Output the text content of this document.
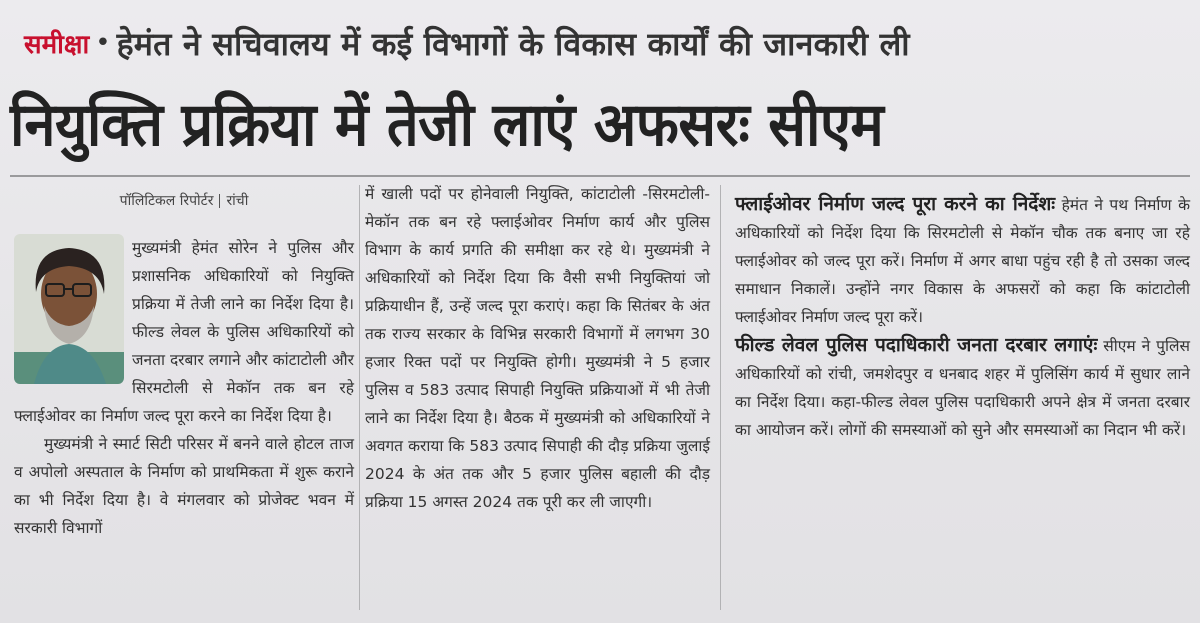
समीक्षा • हेमंत ने सचिवालय में कई विभागों के विकास कार्यों की जानकारी ली
नियुक्ति प्रक्रिया में तेजी लाएं अफसरः सीएम
पॉलिटिकल रिपोर्टर रांची

मुख्यमंत्री हेमंत सोरेन ने पुलिस और प्रशासनिक अधिकारियों को नियुक्ति प्रक्रिया में तेजी लाने का निर्देश दिया है। फील्ड लेवल के पुलिस अधिकारियों को जनता दरबार लगाने और कांटाटोली और सिरमटोली से मेकॉन तक बन रहे फ्लाईओवर का निर्माण जल्द पूरा करने का निर्देश दिया है।

मुख्यमंत्री ने स्मार्ट सिटी परिसर में बनने वाले होटल ताज व अपोलो अस्पताल के निर्माण को प्राथमिकता में शुरू कराने का भी निर्देश दिया है। वे मंगलवार को प्रोजेक्ट भवन में सरकारी विभागों

में खाली पदों पर होनेवाली नियुक्ति, कांटाटोली -सिरमटोली-मेकॉन तक बन रहे फ्लाईओवर निर्माण कार्य और पुलिस विभाग के कार्य प्रगति की समीक्षा कर रहे थे। मुख्यमंत्री ने अधिकारियों को निर्देश दिया कि वैसी सभी नियुक्तियां जो प्रक्रियाधीन हैं, उन्हें जल्द पूरा कराएं। कहा कि सितंबर के अंत तक राज्य सरकार के विभिन्न सरकारी विभागों में लगभग 30 हजार रिक्त पदों पर नियुक्ति होगी। मुख्यमंत्री ने 5 हजार पुलिस व 583 उत्पाद सिपाही नियुक्ति प्रक्रियाओं में भी तेजी लाने का निर्देश दिया है। बैठक में मुख्यमंत्री को अधिकारियों ने अवगत कराया कि 583 उत्पाद सिपाही की दौड़ प्रक्रिया जुलाई 2024 के अंत तक और 5 हजार पुलिस बहाली की दौड़ प्रक्रिया 15 अगस्त 2024 तक पूरी कर ली जाएगी।

फ्लाईओवर निर्माण जल्द पूरा करने का निर्देशः हेमंत ने पथ निर्माण के अधिकारियों को निर्देश दिया कि सिरमटोली से मेकॉन चौक तक बनाए जा रहे फ्लाईओवर को जल्द पूरा करें। निर्माण में अगर बाधा पहुंच रही है तो उसका जल्द समाधान निकालें। उन्होंने नगर विकास के अफसरों को कहा कि कांटाटोली फ्लाईओवर निर्माण जल्द पूरा करें।

फील्ड लेवल पुलिस पदाधिकारी जनता दरबार लगाएंः सीएम ने पुलिस अधिकारियों को रांची, जमशेदपुर व धनबाद शहर में पुलिसिंग कार्य में सुधार लाने का निर्देश दिया। कहा-फील्ड लेवल पुलिस पदाधिकारी अपने क्षेत्र में जनता दरबार का आयोजन करें। लोगों की समस्याओं को सुने और समस्याओं का निदान भी करें।
